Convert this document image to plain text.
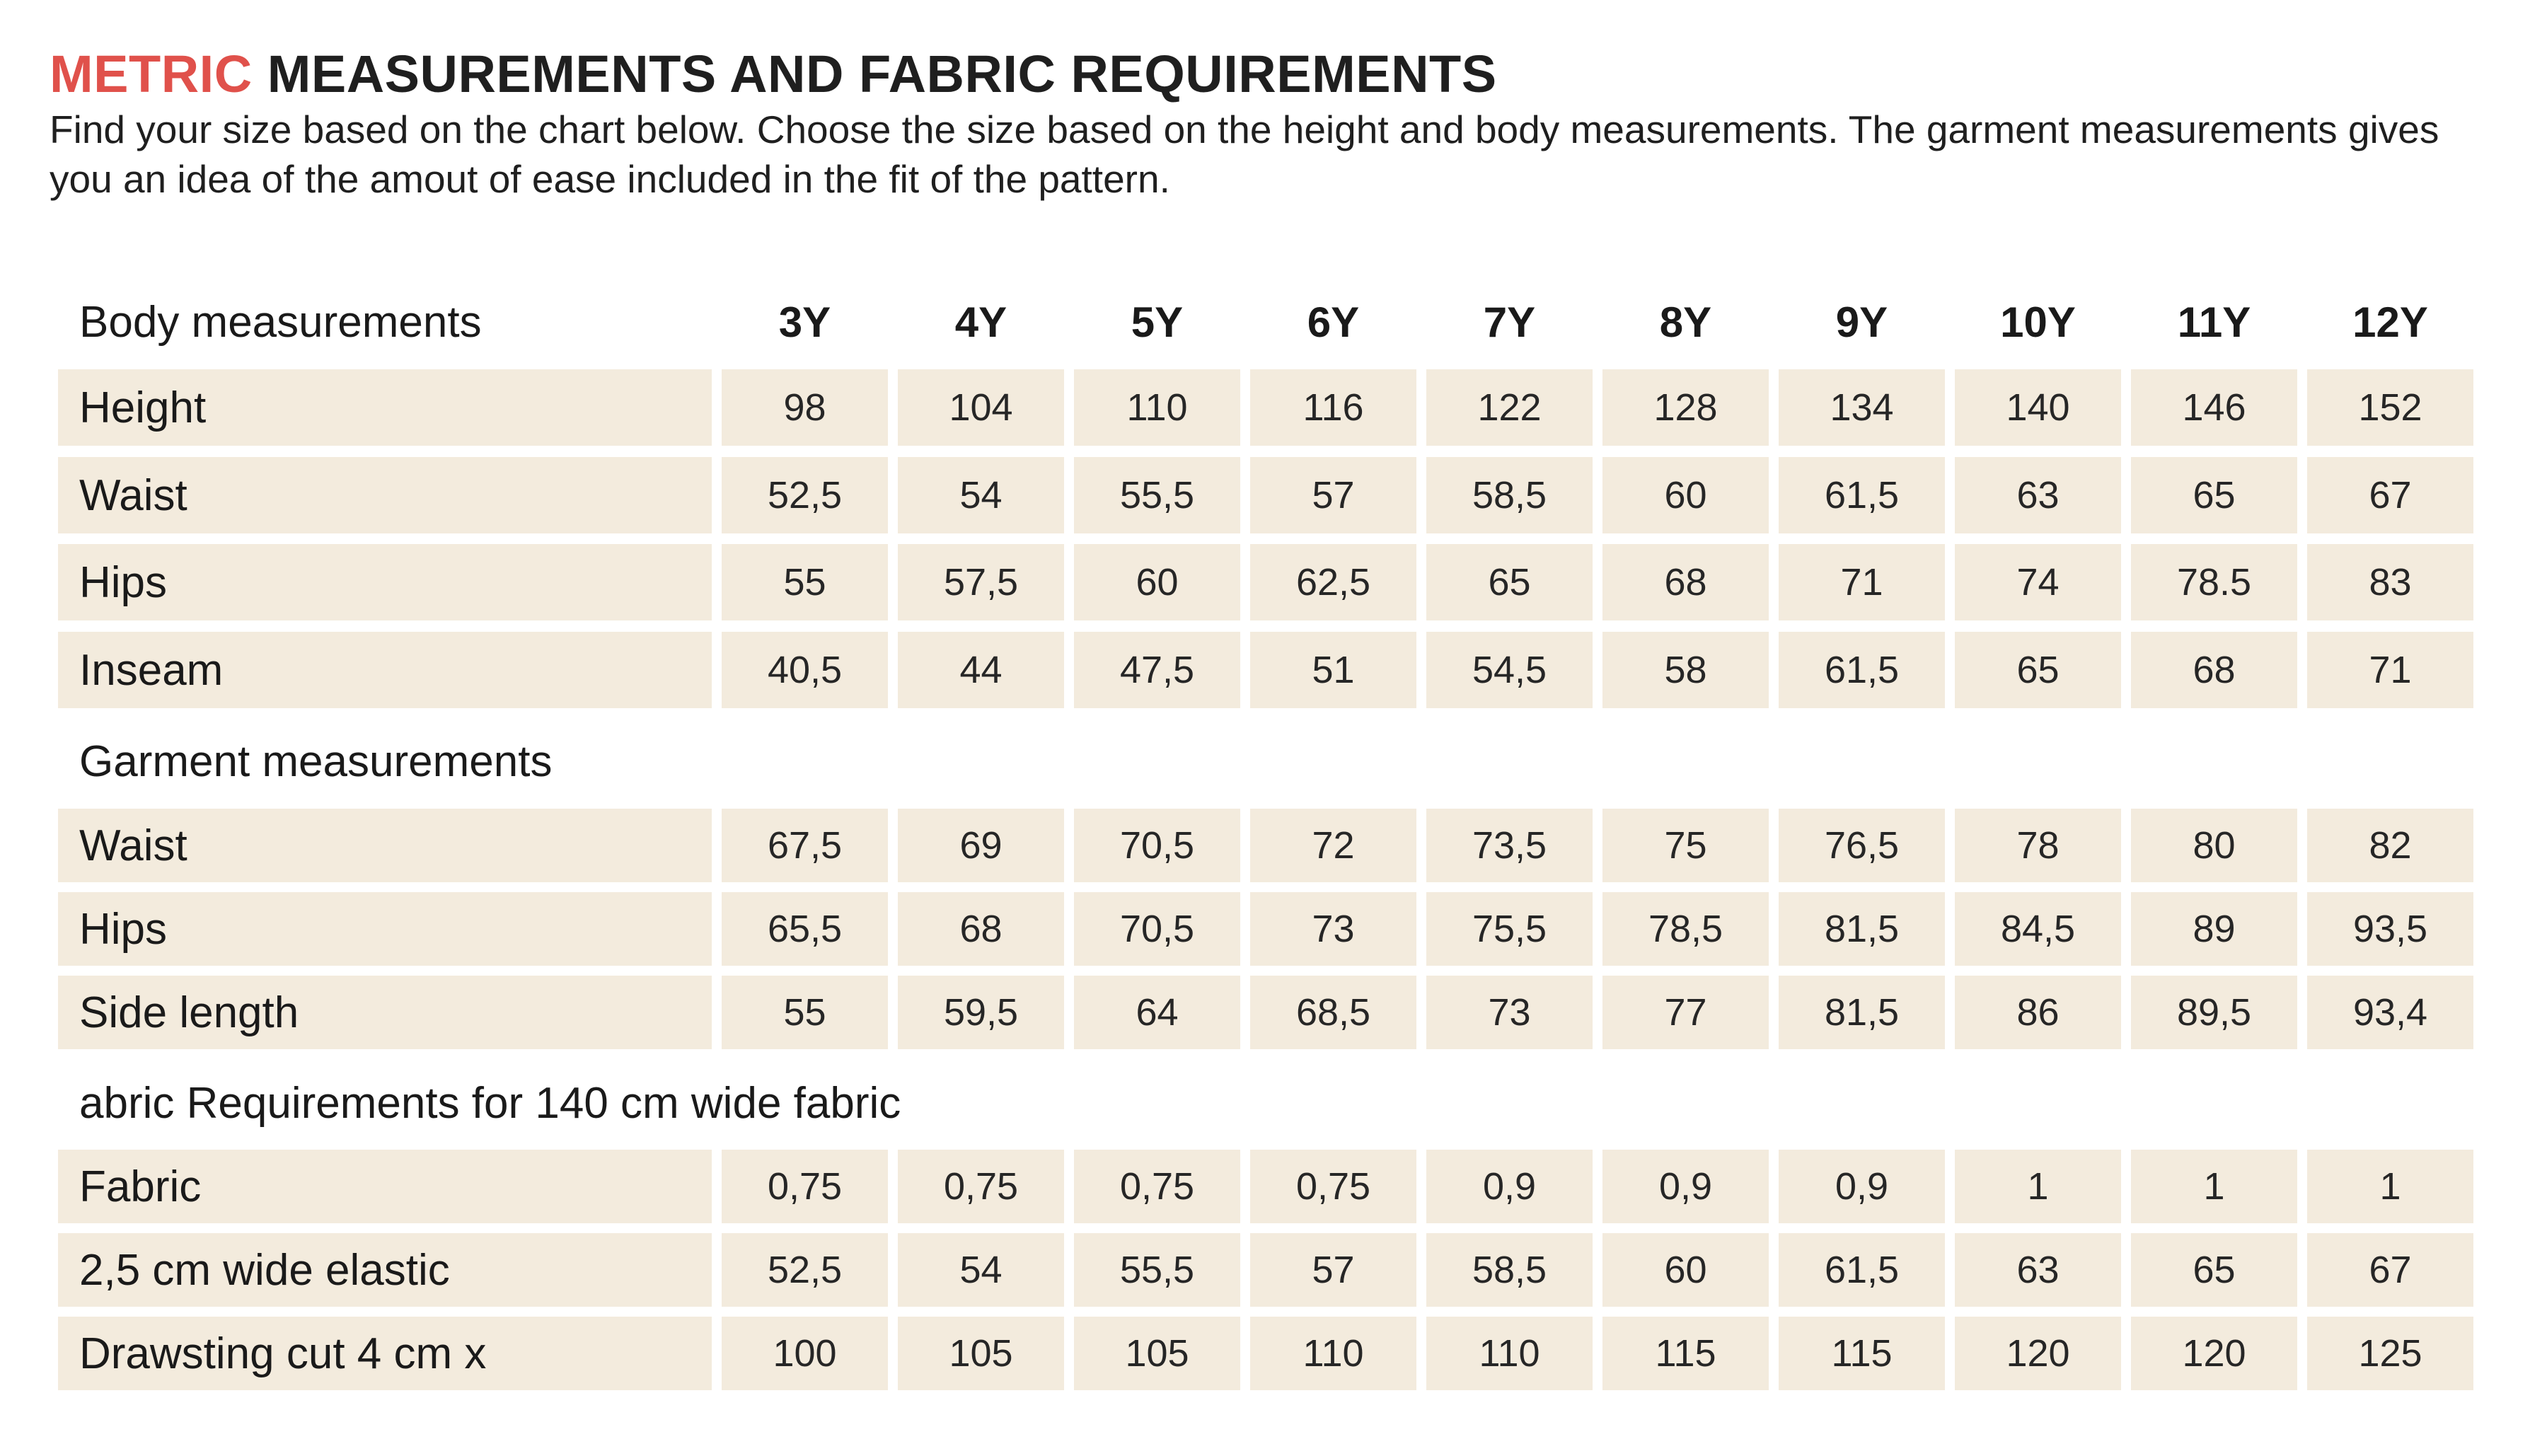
METRIC MEASUREMENTS AND FABRIC REQUIREMENTS
Find your size based on the chart below. Choose the size based on the height and body measurements. The garment measurements gives you an idea of the amout of ease included in the fit of the pattern.
Body measurements	3Y	4Y	5Y	6Y	7Y	8Y	9Y	10Y	11Y	12Y
Height	98	104	110	116	122	128	134	140	146	152
Waist	52,5	54	55,5	57	58,5	60	61,5	63	65	67
Hips	55	57,5	60	62,5	65	68	71	74	78.5	83
Inseam	40,5	44	47,5	51	54,5	58	61,5	65	68	71
Waist	67,5	69	70,5	72	73,5	75	76,5	78	80	82
Hips	65,5	68	70,5	73	75,5	78,5	81,5	84,5	89	93,5
Side length	55	59,5	64	68,5	73	77	81,5	86	89,5	93,4
Fabric	0,75	0,75	0,75	0,75	0,9	0,9	0,9	1	1	1
2,5 cm wide elastic	52,5	54	55,5	57	58,5	60	61,5	63	65	67
Drawsting cut 4 cm x	100	105	105	110	110	115	115	120	120	125
Garment measurements
abric Requirements for 140 cm wide fabric
